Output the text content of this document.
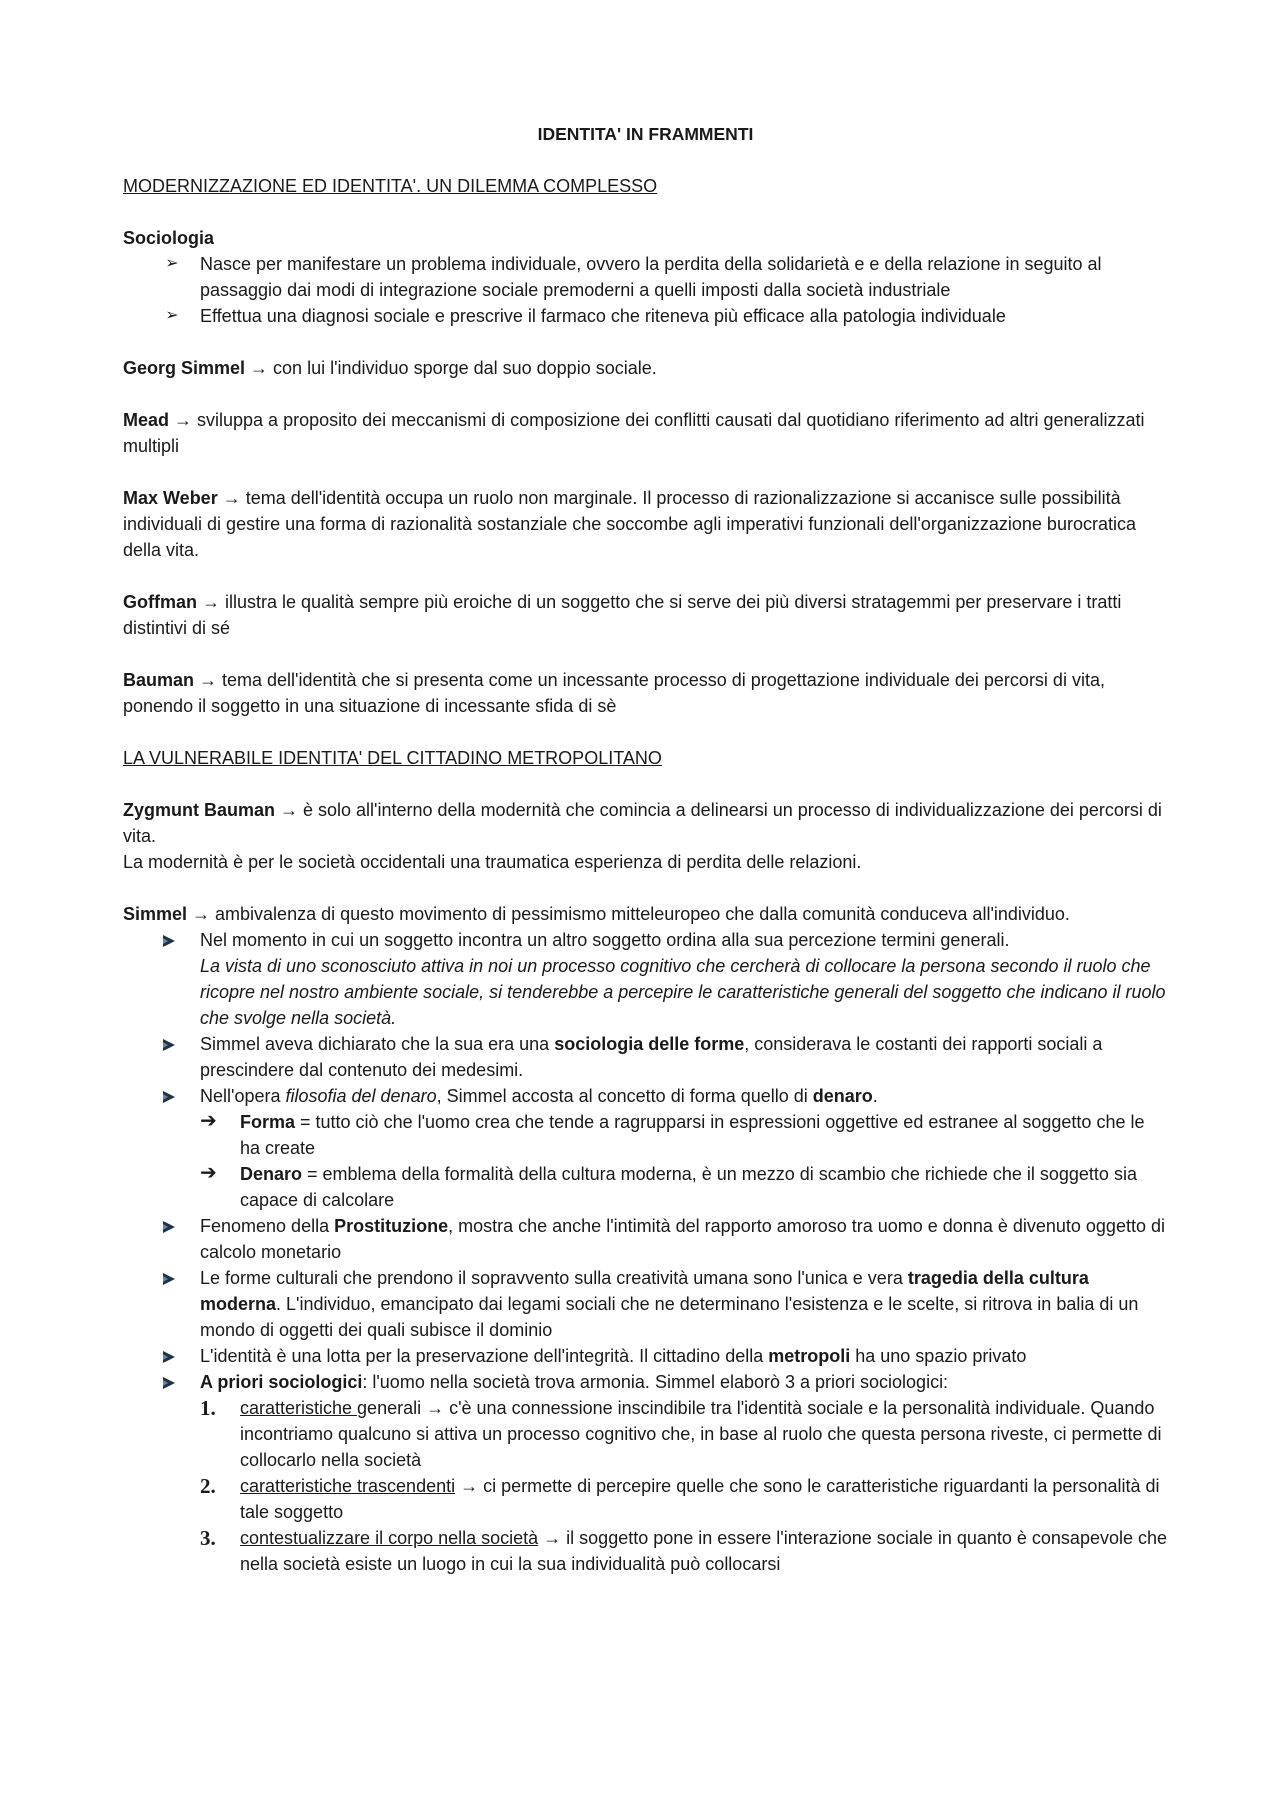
IDENTITA' IN FRAMMENTI

MODERNIZZAZIONE ED IDENTITA'. UN DILEMMA COMPLESSO

Sociologia

➢ Nasce per manifestare un problema individuale, ovvero la perdita della solidarietà e e della relazione in seguito al passaggio dai modi di integrazione sociale premoderni a quelli imposti dalla società industriale
➢ Effettua una diagnosi sociale e prescrive il farmaco che riteneva più efficace alla patologia individuale

Georg Simmel → con lui l'individuo sporge dal suo doppio sociale.

Mead → sviluppa a proposito dei meccanismi di composizione dei conflitti causati dal quotidiano riferimento ad altri generalizzati multipli

Max Weber → tema dell'identità occupa un ruolo non marginale. Il processo di razionalizzazione si accanisce sulle possibilità individuali di gestire una forma di razionalità sostanziale che soccombe agli imperativi funzionali dell'organizzazione burocratica della vita.

Goffman → illustra le qualità sempre più eroiche di un soggetto che si serve dei più diversi stratagemmi per preservare i tratti distintivi di sé

Bauman → tema dell'identità che si presenta come un incessante processo di progettazione individuale dei percorsi di vita, ponendo il soggetto in una situazione di incessante sfida di sè

LA VULNERABILE IDENTITA' DEL CITTADINO METROPOLITANO

Zygmunt Bauman → è solo all'interno della modernità che comincia a delinearsi un processo di individualizzazione dei percorsi di vita.

La modernità è per le società occidentali una traumatica esperienza di perdita delle relazioni.

Simmel → ambivalenza di questo movimento di pessimismo mitteleuropeo che dalla comunità conduceva all'individuo.

Nel momento in cui un soggetto incontra un altro soggetto ordina alla sua percezione termini generali.
La vista di uno sconosciuto attiva in noi un processo cognitivo che cercherà di collocare la persona secondo il ruolo che ricopre nel nostro ambiente sociale, si tenderebbe a percepire le caratteristiche generali del soggetto che indicano il ruolo che svolge nella società.
Simmel aveva dichiarato che la sua era una sociologia delle forme, considerava le costanti dei rapporti sociali a prescindere dal contenuto dei medesimi.
Nell'opera filosofia del denaro, Simmel accosta al concetto di forma quello di denaro.
➔ Forma = tutto ciò che l'uomo crea che tende a ragrupparsi in espressioni oggettive ed estranee al soggetto che le ha create
➔ Denaro = emblema della formalità della cultura moderna, è un mezzo di scambio che richiede che il soggetto sia capace di calcolare
Fenomeno della Prostituzione, mostra che anche l'intimità del rapporto amoroso tra uomo e donna è divenuto oggetto di calcolo monetario
Le forme culturali che prendono il sopravvento sulla creatività umana sono l'unica e vera tragedia della cultura moderna. L'individuo, emancipato dai legami sociali che ne determinano l'esistenza e le scelte, si ritrova in balia di un mondo di oggetti dei quali subisce il dominio
L'identità è una lotta per la preservazione dell'integrità. Il cittadino della metropoli ha uno spazio privato
A priori sociologici: l'uomo nella società trova armonia. Simmel elaborò 3 a priori sociologici:
1. caratteristiche generali → c'è una connessione inscindibile tra l'identità sociale e la personalità individuale. Quando incontriamo qualcuno si attiva un processo cognitivo che, in base al ruolo che questa persona riveste, ci permette di collocarlo nella società
2. caratteristiche trascendenti → ci permette di percepire quelle che sono le caratteristiche riguardanti la personalità di tale soggetto
3. contestualizzare il corpo nella società → il soggetto pone in essere l'interazione sociale in quanto è consapevole che nella società esiste un luogo in cui la sua individualità può collocarsi
